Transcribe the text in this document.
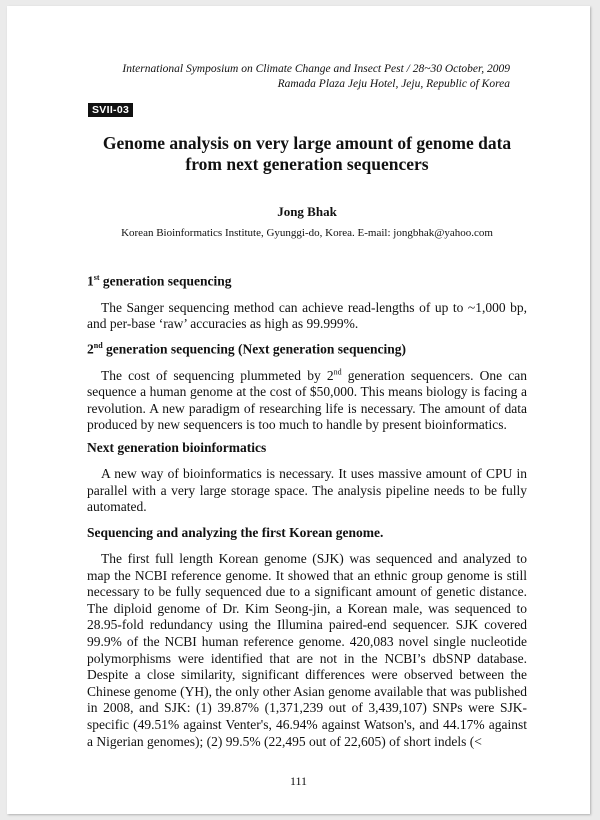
International Symposium on Climate Change and Insect Pest / 28~30 October, 2009
Ramada Plaza Jeju Hotel, Jeju, Republic of Korea
SVII-03
Genome analysis on very large amount of genome data
from next generation sequencers
Jong Bhak
Korean Bioinformatics Institute, Gyunggi-do, Korea. E-mail: jongbhak@yahoo.com

1st generation sequencing

The Sanger sequencing method can achieve read-lengths of up to ~1,000 bp, and per-base ‘raw’ accuracies as high as 99.999%.

2nd generation sequencing (Next generation sequencing)

The cost of sequencing plummeted by 2nd generation sequencers. One can sequence a human genome at the cost of $50,000. This means biology is facing a revolution. A new paradigm of researching life is necessary. The amount of data produced by new sequencers is too much to handle by present bioinformatics.

Next generation bioinformatics

A new way of bioinformatics is necessary. It uses massive amount of CPU in parallel with a very large storage space. The analysis pipeline needs to be fully automated.

Sequencing and analyzing the first Korean genome.

The first full length Korean genome (SJK) was sequenced and analyzed to map the NCBI reference genome. It showed that an ethnic group genome is still necessary to be fully sequenced due to a significant amount of genetic distance. The diploid genome of Dr. Kim Seong-jin, a Korean male, was sequenced to 28.95-fold redundancy using the Illumina paired-end sequencer. SJK covered 99.9% of the NCBI human reference genome. 420,083 novel single nucleotide polymorphisms were identified that are not in the NCBI’s dbSNP database. Despite a close similarity, significant differences were observed between the Chinese genome (YH), the only other Asian genome available that was published in 2008, and SJK: (1) 39.87% (1,371,239 out of 3,439,107) SNPs were SJK-specific (49.51% against Venter's, 46.94% against Watson's, and 44.17% against a Nigerian genomes); (2) 99.5% (22,495 out of 22,605) of short indels (<

111
